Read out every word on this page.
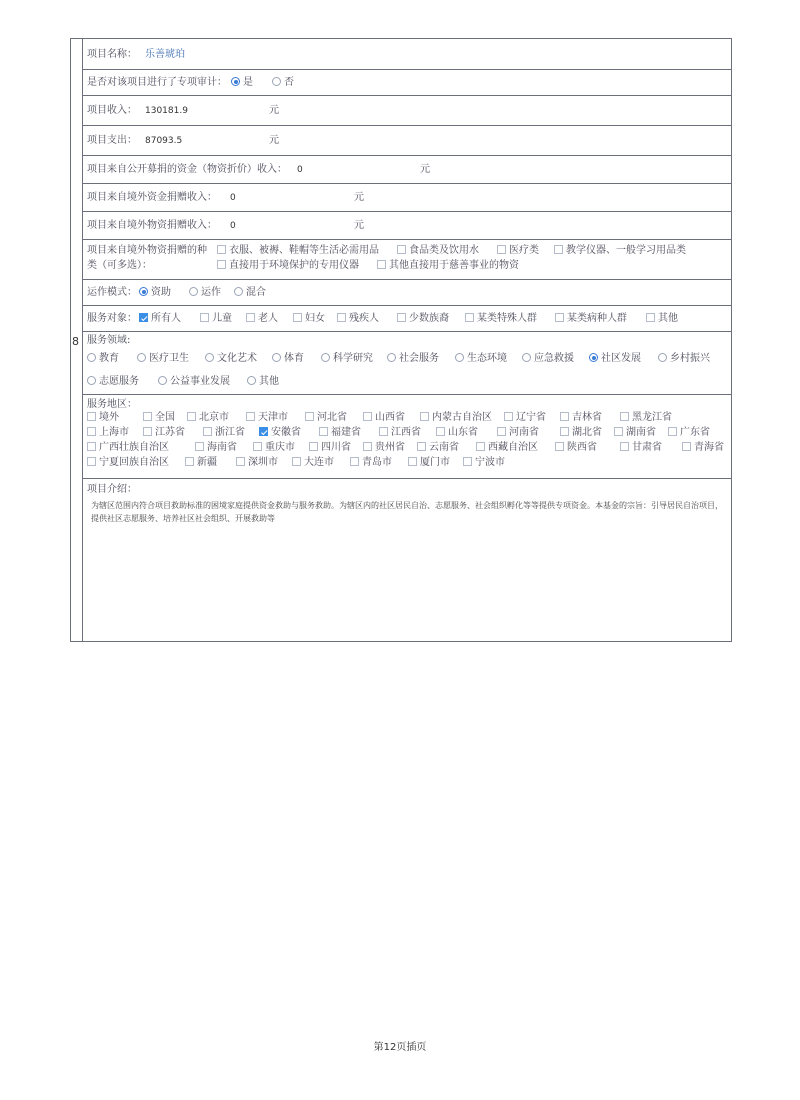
8
项目名称： 乐善琥珀
是否对该项目进行了专项审计：	是	否
项目收入： 130181.9	元
项目支出： 87093.5	元
项目来自公开募捐的资金（物资折价）收入： 0	元
项目来自境外资金捐赠收入： 0	元
项目来自境外物资捐赠收入： 0	元
项目来自境外物资捐赠的种
类（可多选）：
衣服、被褥、鞋帽等生活必需用品	食品类及饮用水	医疗类	教学仪器、一般学习用品类
直接用于环境保护的专用仪器	其他直接用于慈善事业的物资
运作模式：	资助	运作	混合
服务对象：	所有人	儿童	老人	妇女	残疾人	少数族裔	某类特殊人群	某类病种人群	其他
服务领域:
教育	医疗卫生	文化艺术	体育	科学研究	社会服务	生态环境	应急救援	社区发展	乡村振兴
志愿服务	公益事业发展	其他
服务地区：
境外	全国	北京市	天津市	河北省	山西省	内蒙古自治区	辽宁省	吉林省	黑龙江省
上海市	江苏省	浙江省	安徽省	福建省	江西省	山东省	河南省	湖北省	湖南省	广东省
广西壮族自治区	海南省	重庆市	四川省	贵州省	云南省	西藏自治区	陕西省	甘肃省	青海省
宁夏回族自治区	新疆	深圳市	大连市	青岛市	厦门市	宁波市
项目介绍：
为辖区范围内符合项目救助标准的困境家庭提供资金救助与服务救助。为辖区内的社区居民自治、志愿服务、社会组织孵化等等提供专项资金。本基金的宗旨：引导居民自治项目，提供社区志愿服务、培养社区社会组织、开展救助等
第12页插页
